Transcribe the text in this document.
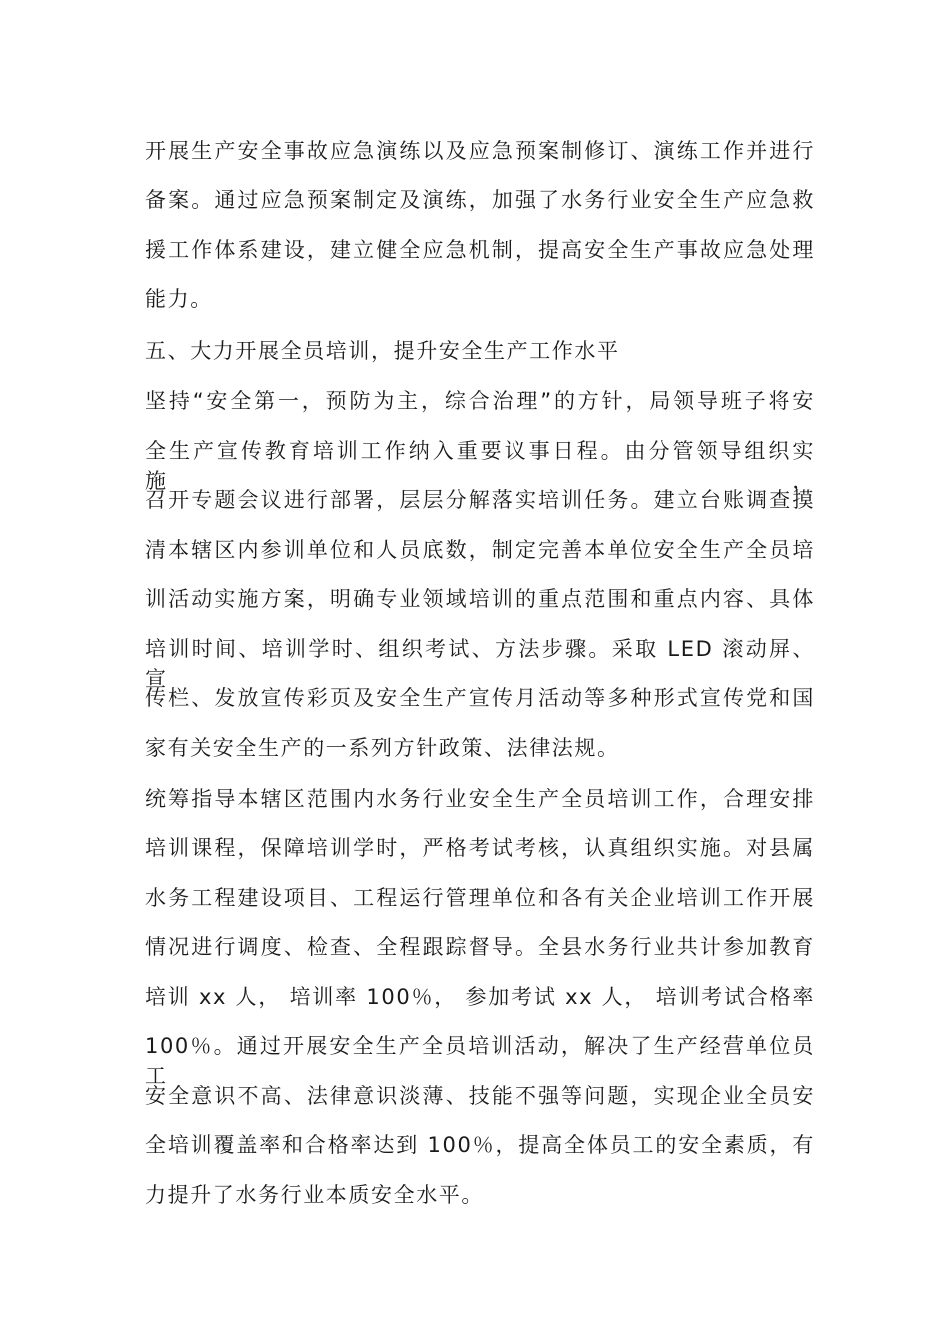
开展生产安全事故应急演练以及应急预案制修订、演练工作并进行
备案。通过应急预案制定及演练，加强了水务行业安全生产应急救
援工作体系建设，建立健全应急机制，提高安全生产事故应急处理
能力。
五、大力开展全员培训，提升安全生产工作水平
坚持“安全第一，预防为主，综合治理”的方针，局领导班子将安
全生产宣传教育培训工作纳入重要议事日程。由分管领导组织实施，
召开专题会议进行部署，层层分解落实培训任务。建立台账调查摸
清本辖区内参训单位和人员底数，制定完善本单位安全生产全员培
训活动实施方案，明确专业领域培训的重点范围和重点内容、具体
培训时间、培训学时、组织考试、方法步骤。采取 LED 滚动屏、宣
传栏、发放宣传彩页及安全生产宣传月活动等多种形式宣传党和国
家有关安全生产的一系列方针政策、法律法规。
统筹指导本辖区范围内水务行业安全生产全员培训工作，合理安排
培训课程，保障培训学时，严格考试考核，认真组织实施。对县属
水务工程建设项目、工程运行管理单位和各有关企业培训工作开展
情况进行调度、检查、全程跟踪督导。全县水务行业共计参加教育
培训 xx 人， 培训率 100％， 参加考试 xx 人， 培训考试合格率
100％。通过开展安全生产全员培训活动，解决了生产经营单位员工
安全意识不高、法律意识淡薄、技能不强等问题，实现企业全员安
全培训覆盖率和合格率达到 100％，提高全体员工的安全素质，有
力提升了水务行业本质安全水平。
